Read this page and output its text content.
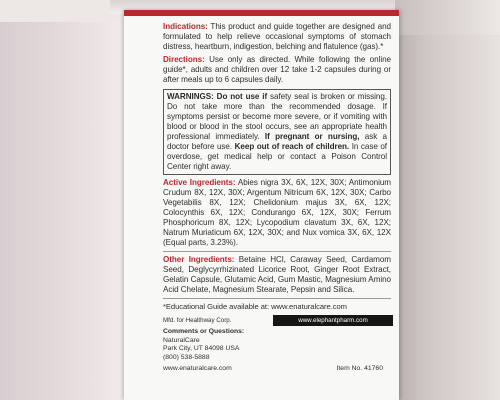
Indications: This product and guide together are designed and formulated to help relieve occasional symptoms of stomach distress, heartburn, indigestion, belching and flatulence (gas).*

Directions: Use only as directed. While following the online guide*, adults and children over 12 take 1-2 capsules during or after meals up to 6 capsules daily.

WARNINGS: Do not use if safety seal is broken or missing. Do not take more than the recommended dosage. If symptoms persist or become more severe, or if vomiting with blood or blood in the stool occurs, see an appropriate health professional immediately. If pregnant or nursing, ask a doctor before use. Keep out of reach of children. In case of overdose, get medical help or contact a Poison Control Center right away.

Active Ingredients: Abies nigra 3X, 6X, 12X, 30X; Antimonium Crudum 8X, 12X, 30X; Argentum Nitricum 6X, 12X, 30X; Carbo Vegetabilis 8X, 12X; Chelidonium majus 3X, 6X, 12X; Colocynthis 6X, 12X; Condurango 6X, 12X, 30X; Ferrum Phosphoricum 8X, 12X; Lycopodium clavatum 3X, 6X, 12X; Natrum Muriaticum 6X, 12X, 30X; and Nux vomica 3X, 6X, 12X (Equal parts, 3.23%).

Other Ingredients: Betaine HCl, Caraway Seed, Cardamom Seed, Deglycyrrhizinated Licorice Root, Ginger Root Extract, Gelatin Capsule, Glutamic Acid, Gum Mastic, Magnesium Amino Acid Chelate, Magnesium Stearate, Pepsin and Silica.

*Educational Guide available at: www.enaturalcare.com
Mfd. for Healthway Corp.	www.elephantpharm.com

Comments or Questions:

NaturalCare

Park City, UT 84098 USA

(800) 538-5888

www.enaturalcare.com	Item No. 41760
